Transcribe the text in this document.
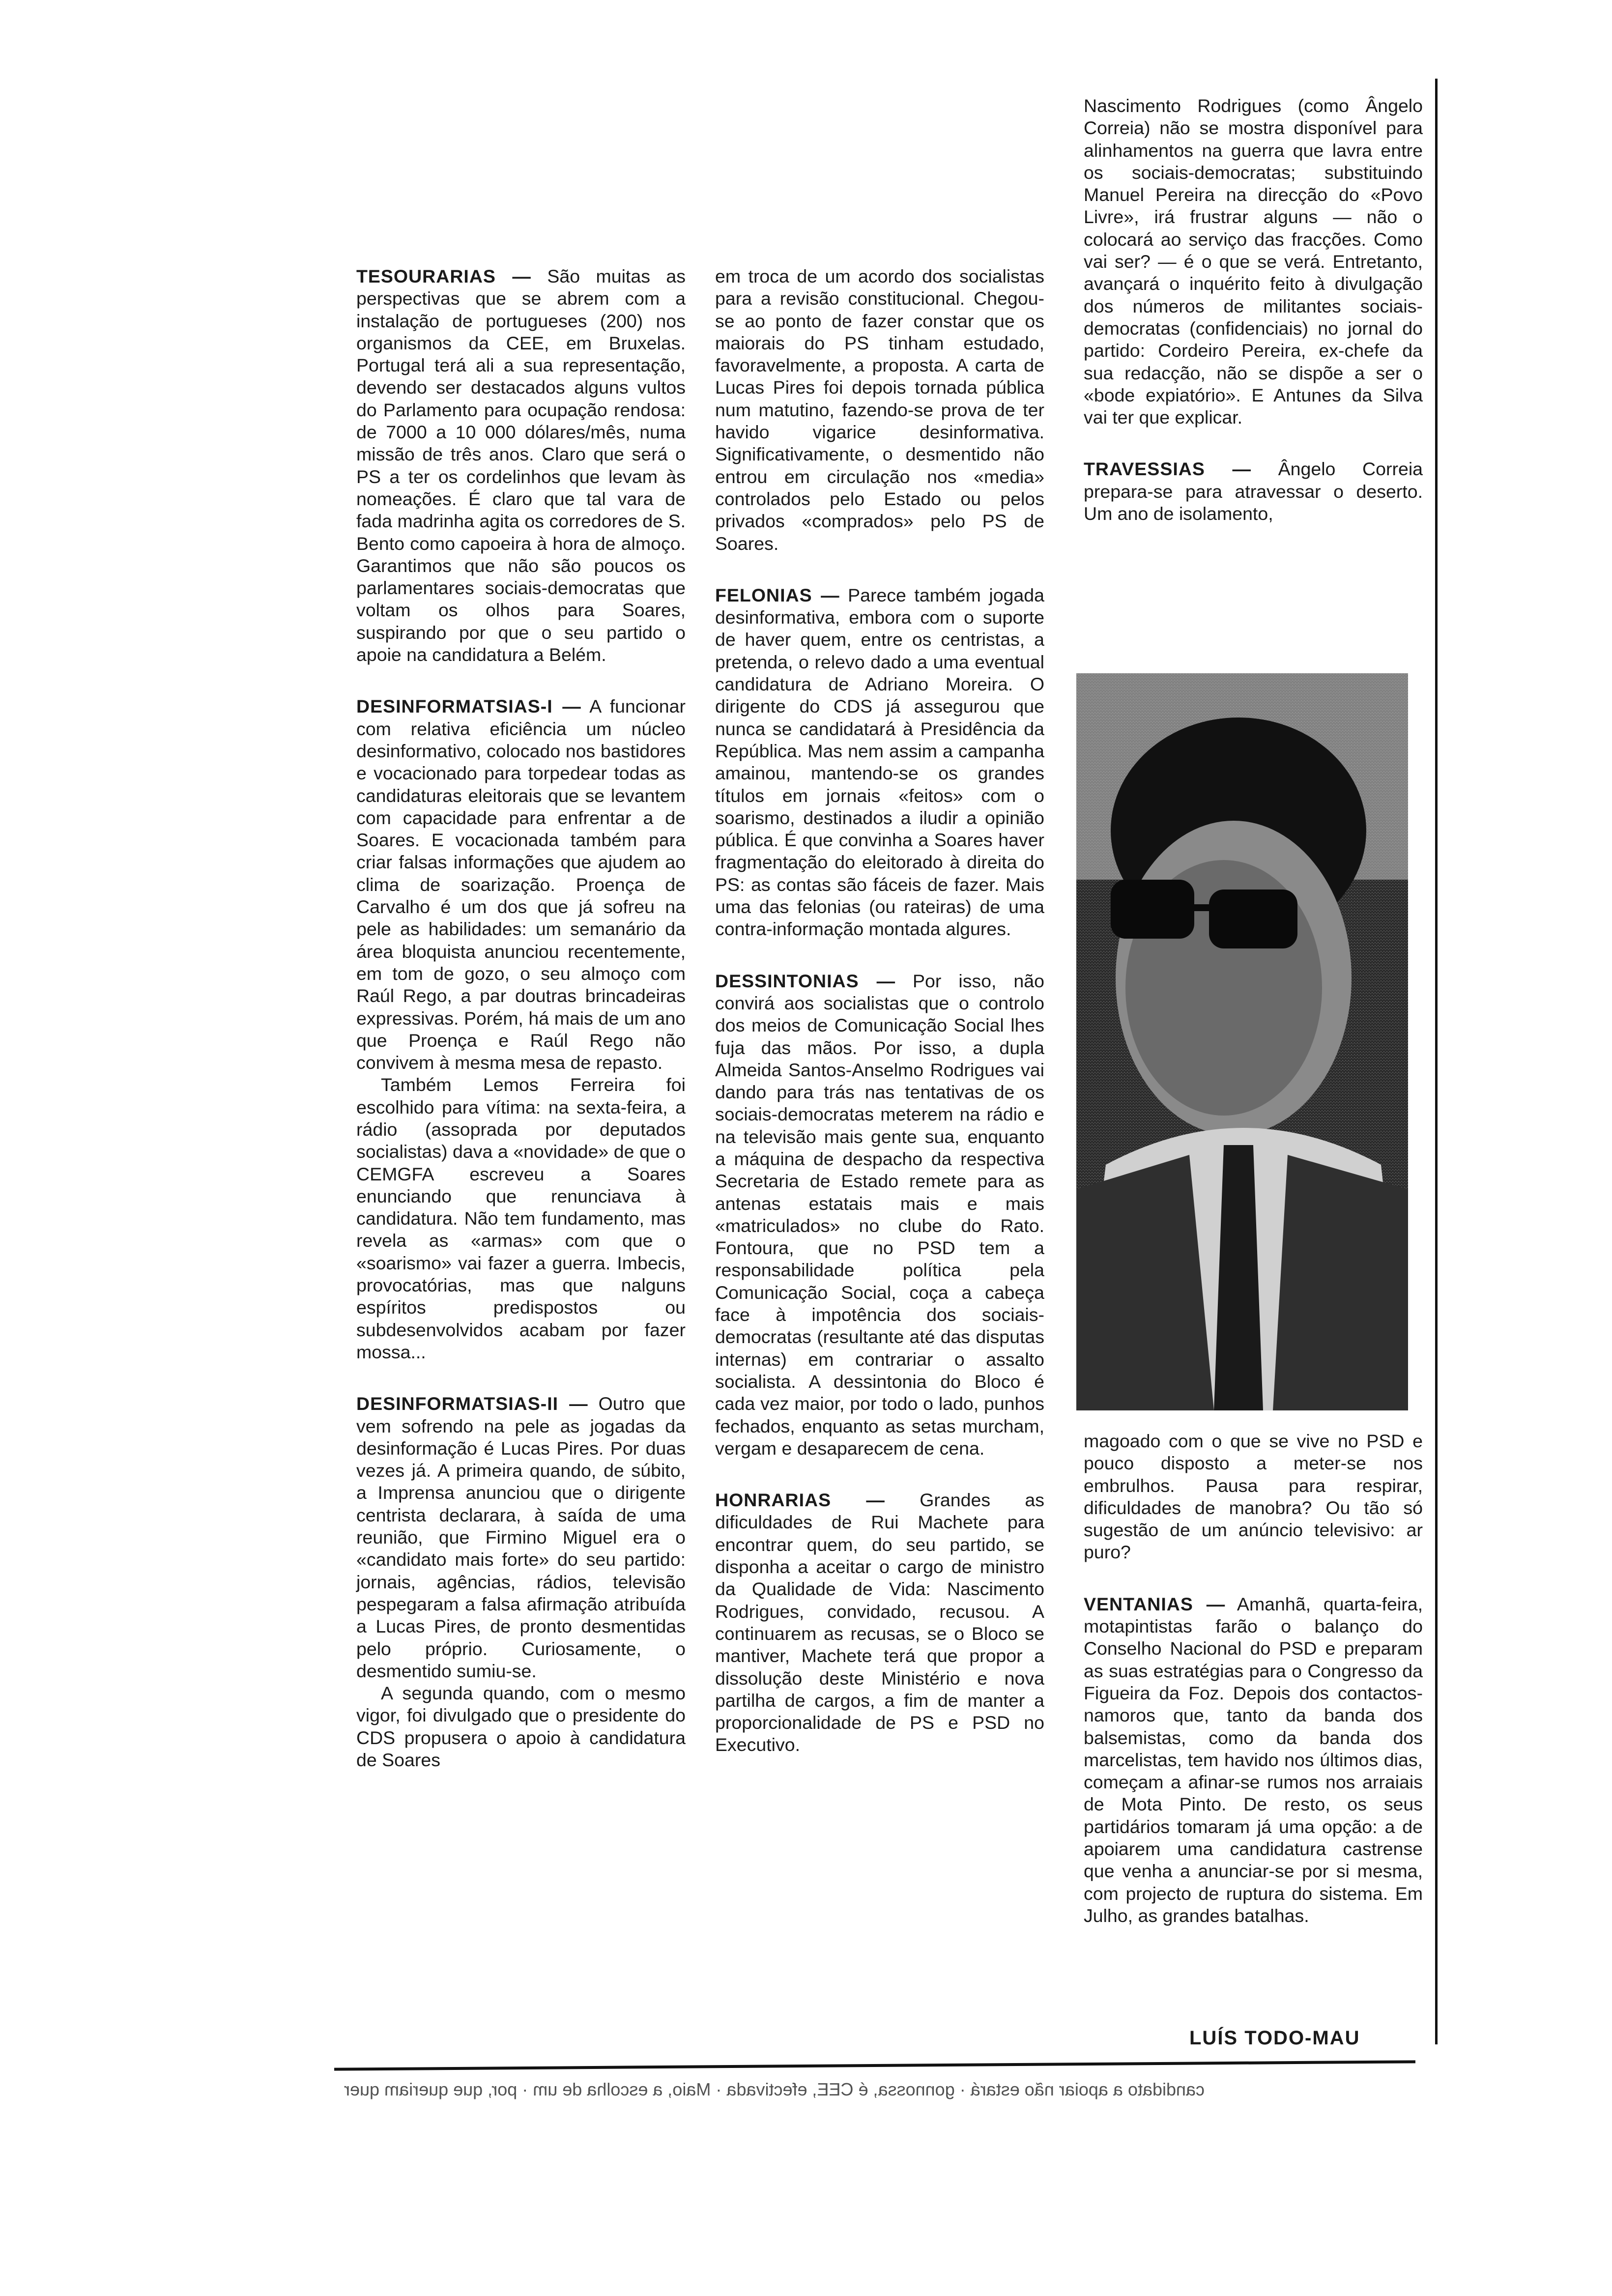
TESOURARIAS — São muitas as perspectivas que se abrem com a instalação de portugueses (200) nos organismos da CEE, em Bruxelas. Portugal terá ali a sua representação, devendo ser destacados alguns vultos do Parlamento para ocupação rendosa: de 7000 a 10 000 dólares/mês, numa missão de três anos. Claro que será o PS a ter os cordelinhos que levam às nomeações. É claro que tal vara de fada madrinha agita os corredores de S. Bento como capoeira à hora de almoço. Garantimos que não são poucos os parlamentares sociais-democratas que voltam os olhos para Soares, suspirando por que o seu partido o apoie na candidatura a Belém.

DESINFORMATSIAS-I — A funcionar com relativa eficiência um núcleo desinformativo, colocado nos bastidores e vocacionado para torpedear todas as candidaturas eleitorais que se levantem com capacidade para enfrentar a de Soares. E vocacionada também para criar falsas informações que ajudem ao clima de soarização. Proença de Carvalho é um dos que já sofreu na pele as habilidades: um semanário da área bloquista anunciou recentemente, em tom de gozo, o seu almoço com Raúl Rego, a par doutras brincadeiras expressivas. Porém, há mais de um ano que Proença e Raúl Rego não convivem à mesma mesa de repasto.

Também Lemos Ferreira foi escolhido para vítima: na sexta-feira, a rádio (assoprada por deputados socialistas) dava a «novidade» de que o CEMGFA escreveu a Soares enunciando que renunciava à candidatura. Não tem fundamento, mas revela as «armas» com que o «soarismo» vai fazer a guerra. Imbecis, provocatórias, mas que nalguns espíritos predispostos ou subdesenvolvidos acabam por fazer mossa...

DESINFORMATSIAS-II — Outro que vem sofrendo na pele as jogadas da desinformação é Lucas Pires. Por duas vezes já. A primeira quando, de súbito, a Imprensa anunciou que o dirigente centrista declarara, à saída de uma reunião, que Firmino Miguel era o «candidato mais forte» do seu partido: jornais, agências, rádios, televisão pespegaram a falsa afirmação atribuída a Lucas Pires, de pronto desmentidas pelo próprio. Curiosamente, o desmentido sumiu-se.

A segunda quando, com o mesmo vigor, foi divulgado que o presidente do CDS propusera o apoio à candidatura de Soares

em troca de um acordo dos socialistas para a revisão constitucional. Chegou-se ao ponto de fazer constar que os maiorais do PS tinham estudado, favoravelmente, a proposta. A carta de Lucas Pires foi depois tornada pública num matutino, fazendo-se prova de ter havido vigarice desinformativa. Significativamente, o desmentido não entrou em circulação nos «media» controlados pelo Estado ou pelos privados «comprados» pelo PS de Soares.

FELONIAS — Parece também jogada desinformativa, embora com o suporte de haver quem, entre os centristas, a pretenda, o relevo dado a uma eventual candidatura de Adriano Moreira. O dirigente do CDS já assegurou que nunca se candidatará à Presidência da República. Mas nem assim a campanha amainou, mantendo-se os grandes títulos em jornais «feitos» com o soarismo, destinados a iludir a opinião pública. É que convinha a Soares haver fragmentação do eleitorado à direita do PS: as contas são fáceis de fazer. Mais uma das felonias (ou rateiras) de uma contra-informação montada algures.

DESSINTONIAS — Por isso, não convirá aos socialistas que o controlo dos meios de Comunicação Social lhes fuja das mãos. Por isso, a dupla Almeida Santos-Anselmo Rodrigues vai dando para trás nas tentativas de os sociais-democratas meterem na rádio e na televisão mais gente sua, enquanto a máquina de despacho da respectiva Secretaria de Estado remete para as antenas estatais mais e mais «matriculados» no clube do Rato. Fontoura, que no PSD tem a responsabilidade política pela Comunicação Social, coça a cabeça face à impotência dos sociais-democratas (resultante até das disputas internas) em contrariar o assalto socialista. A dessintonia do Bloco é cada vez maior, por todo o lado, punhos fechados, enquanto as setas murcham, vergam e desaparecem de cena.

HONRARIAS — Grandes as dificuldades de Rui Machete para encontrar quem, do seu partido, se disponha a aceitar o cargo de ministro da Qualidade de Vida: Nascimento Rodrigues, convidado, recusou. A continuarem as recusas, se o Bloco se mantiver, Machete terá que propor a dissolução deste Ministério e nova partilha de cargos, a fim de manter a proporcionalidade de PS e PSD no Executivo.

Nascimento Rodrigues (como Ângelo Correia) não se mostra disponível para alinhamentos na guerra que lavra entre os sociais-democratas; substituindo Manuel Pereira na direcção do «Povo Livre», irá frustrar alguns — não o colocará ao serviço das fracções. Como vai ser? — é o que se verá. Entretanto, avançará o inquérito feito à divulgação dos números de militantes sociais-democratas (confidenciais) no jornal do partido: Cordeiro Pereira, ex-chefe da sua redacção, não se dispõe a ser o «bode expiatório». E Antunes da Silva vai ter que explicar.

TRAVESSIAS — Ângelo Correia prepara-se para atravessar o deserto. Um ano de isolamento,

magoado com o que se vive no PSD e pouco disposto a meter-se nos embrulhos. Pausa para respirar, dificuldades de manobra? Ou tão só sugestão de um anúncio televisivo: ar puro?

VENTANIAS — Amanhã, quarta-feira, motapintistas farão o balanço do Conselho Nacional do PSD e preparam as suas estratégias para o Congresso da Figueira da Foz. Depois dos contactos-namoros que, tanto da banda dos balsemistas, como da banda dos marcelistas, tem havido nos últimos dias, começam a afinar-se rumos nos arraiais de Mota Pinto. De resto, os seus partidários tomaram já uma opção: a de apoiarem uma candidatura castrense que venha a anunciar-se por si mesma, com projecto de ruptura do sistema. Em Julho, as grandes batalhas.

LUÍS TODO-MAU
candidato a apoiar não estará · gonnossa, é CEE, efectivada · Maio, a escolha de um · por, que queriam quer
